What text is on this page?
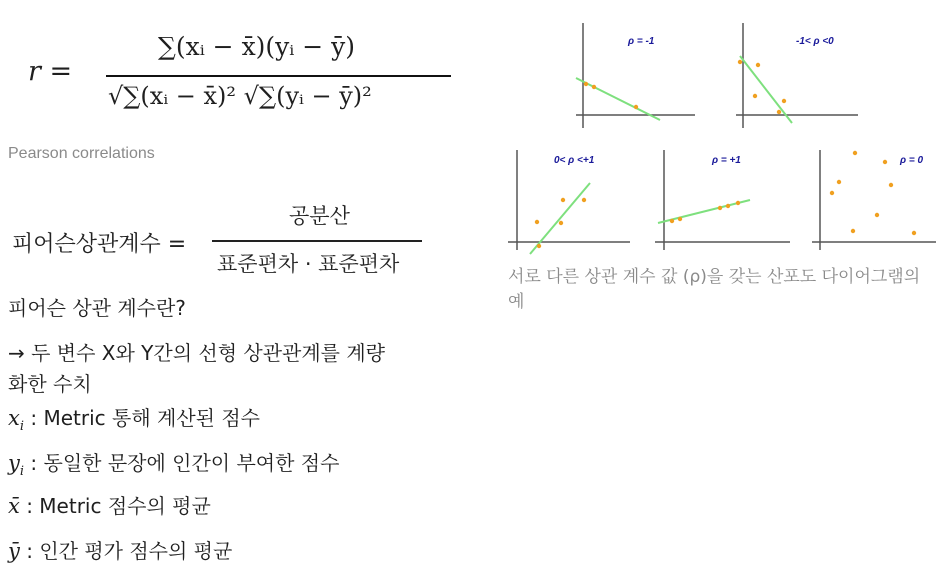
r =
∑(xᵢ − x̄)(yᵢ − ȳ)
√∑(xᵢ − x̄)² √∑(yᵢ − ȳ)²
Pearson correlations
피어슨상관계수 =
공분산
표준편차 · 표준편차
피어슨 상관 계수란?
→ 두 변수 X와 Y간의 선형 상관관계를 계량
화한 수치
$x_i$ : Metric 통해 계산된 점수
$y_i$ : 동일한 문장에 인간이 부여한 점수
x̄ : Metric 점수의 평균
ȳ : 인간 평가 점수의 평균
ρ = -1	-1< ρ <0
0< ρ <+1	ρ = +1	ρ = 0
서로 다른 상관 계수 값 (ρ)을 갖는 산포도 다이어그램의 예
